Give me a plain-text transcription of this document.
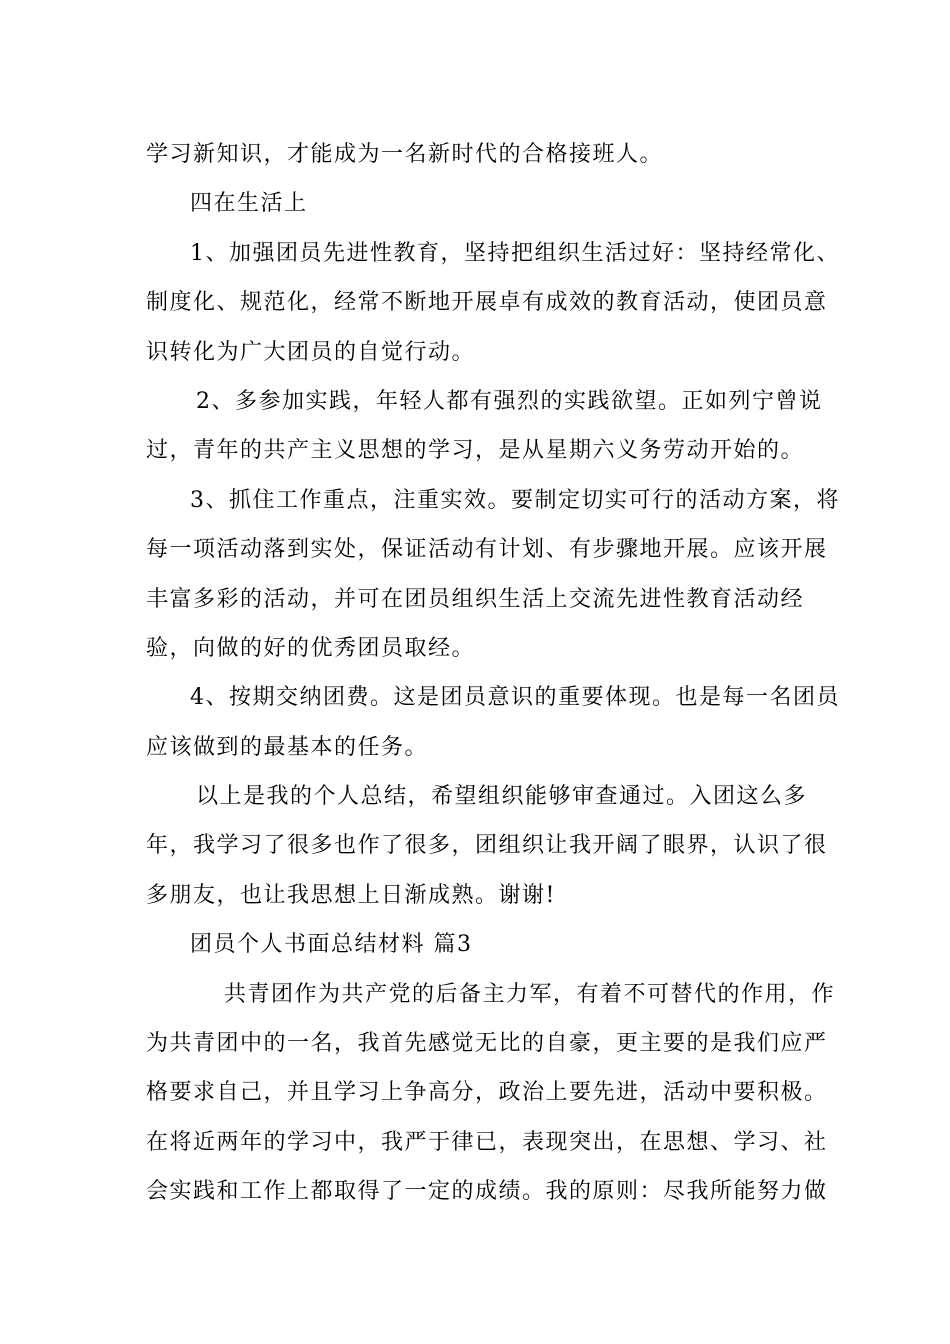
学习新知识，才能成为一名新时代的合格接班人。
四在生活上
1、加强团员先进性教育，坚持把组织生活过好：坚持经常化、
制度化、规范化，经常不断地开展卓有成效的教育活动，使团员意
识转化为广大团员的自觉行动。
2、多参加实践，年轻人都有强烈的实践欲望。正如列宁曾说
过，青年的共产主义思想的学习，是从星期六义务劳动开始的。
3、抓住工作重点，注重实效。要制定切实可行的活动方案，将
每一项活动落到实处，保证活动有计划、有步骤地开展。应该开展
丰富多彩的活动，并可在团员组织生活上交流先进性教育活动经
验，向做的好的优秀团员取经。
4、按期交纳团费。这是团员意识的重要体现。也是每一名团员
应该做到的最基本的任务。
以上是我的个人总结，希望组织能够审查通过。入团这么多
年，我学习了很多也作了很多，团组织让我开阔了眼界，认识了很
多朋友，也让我思想上日渐成熟。谢谢!
团员个人书面总结材料 篇3
共青团作为共产党的后备主力军，有着不可替代的作用，作
为共青团中的一名，我首先感觉无比的自豪，更主要的是我们应严
格要求自己，并且学习上争高分，政治上要先进，活动中要积极。
在将近两年的学习中，我严于律已，表现突出，在思想、学习、社
会实践和工作上都取得了一定的成绩。我的原则：尽我所能努力做
